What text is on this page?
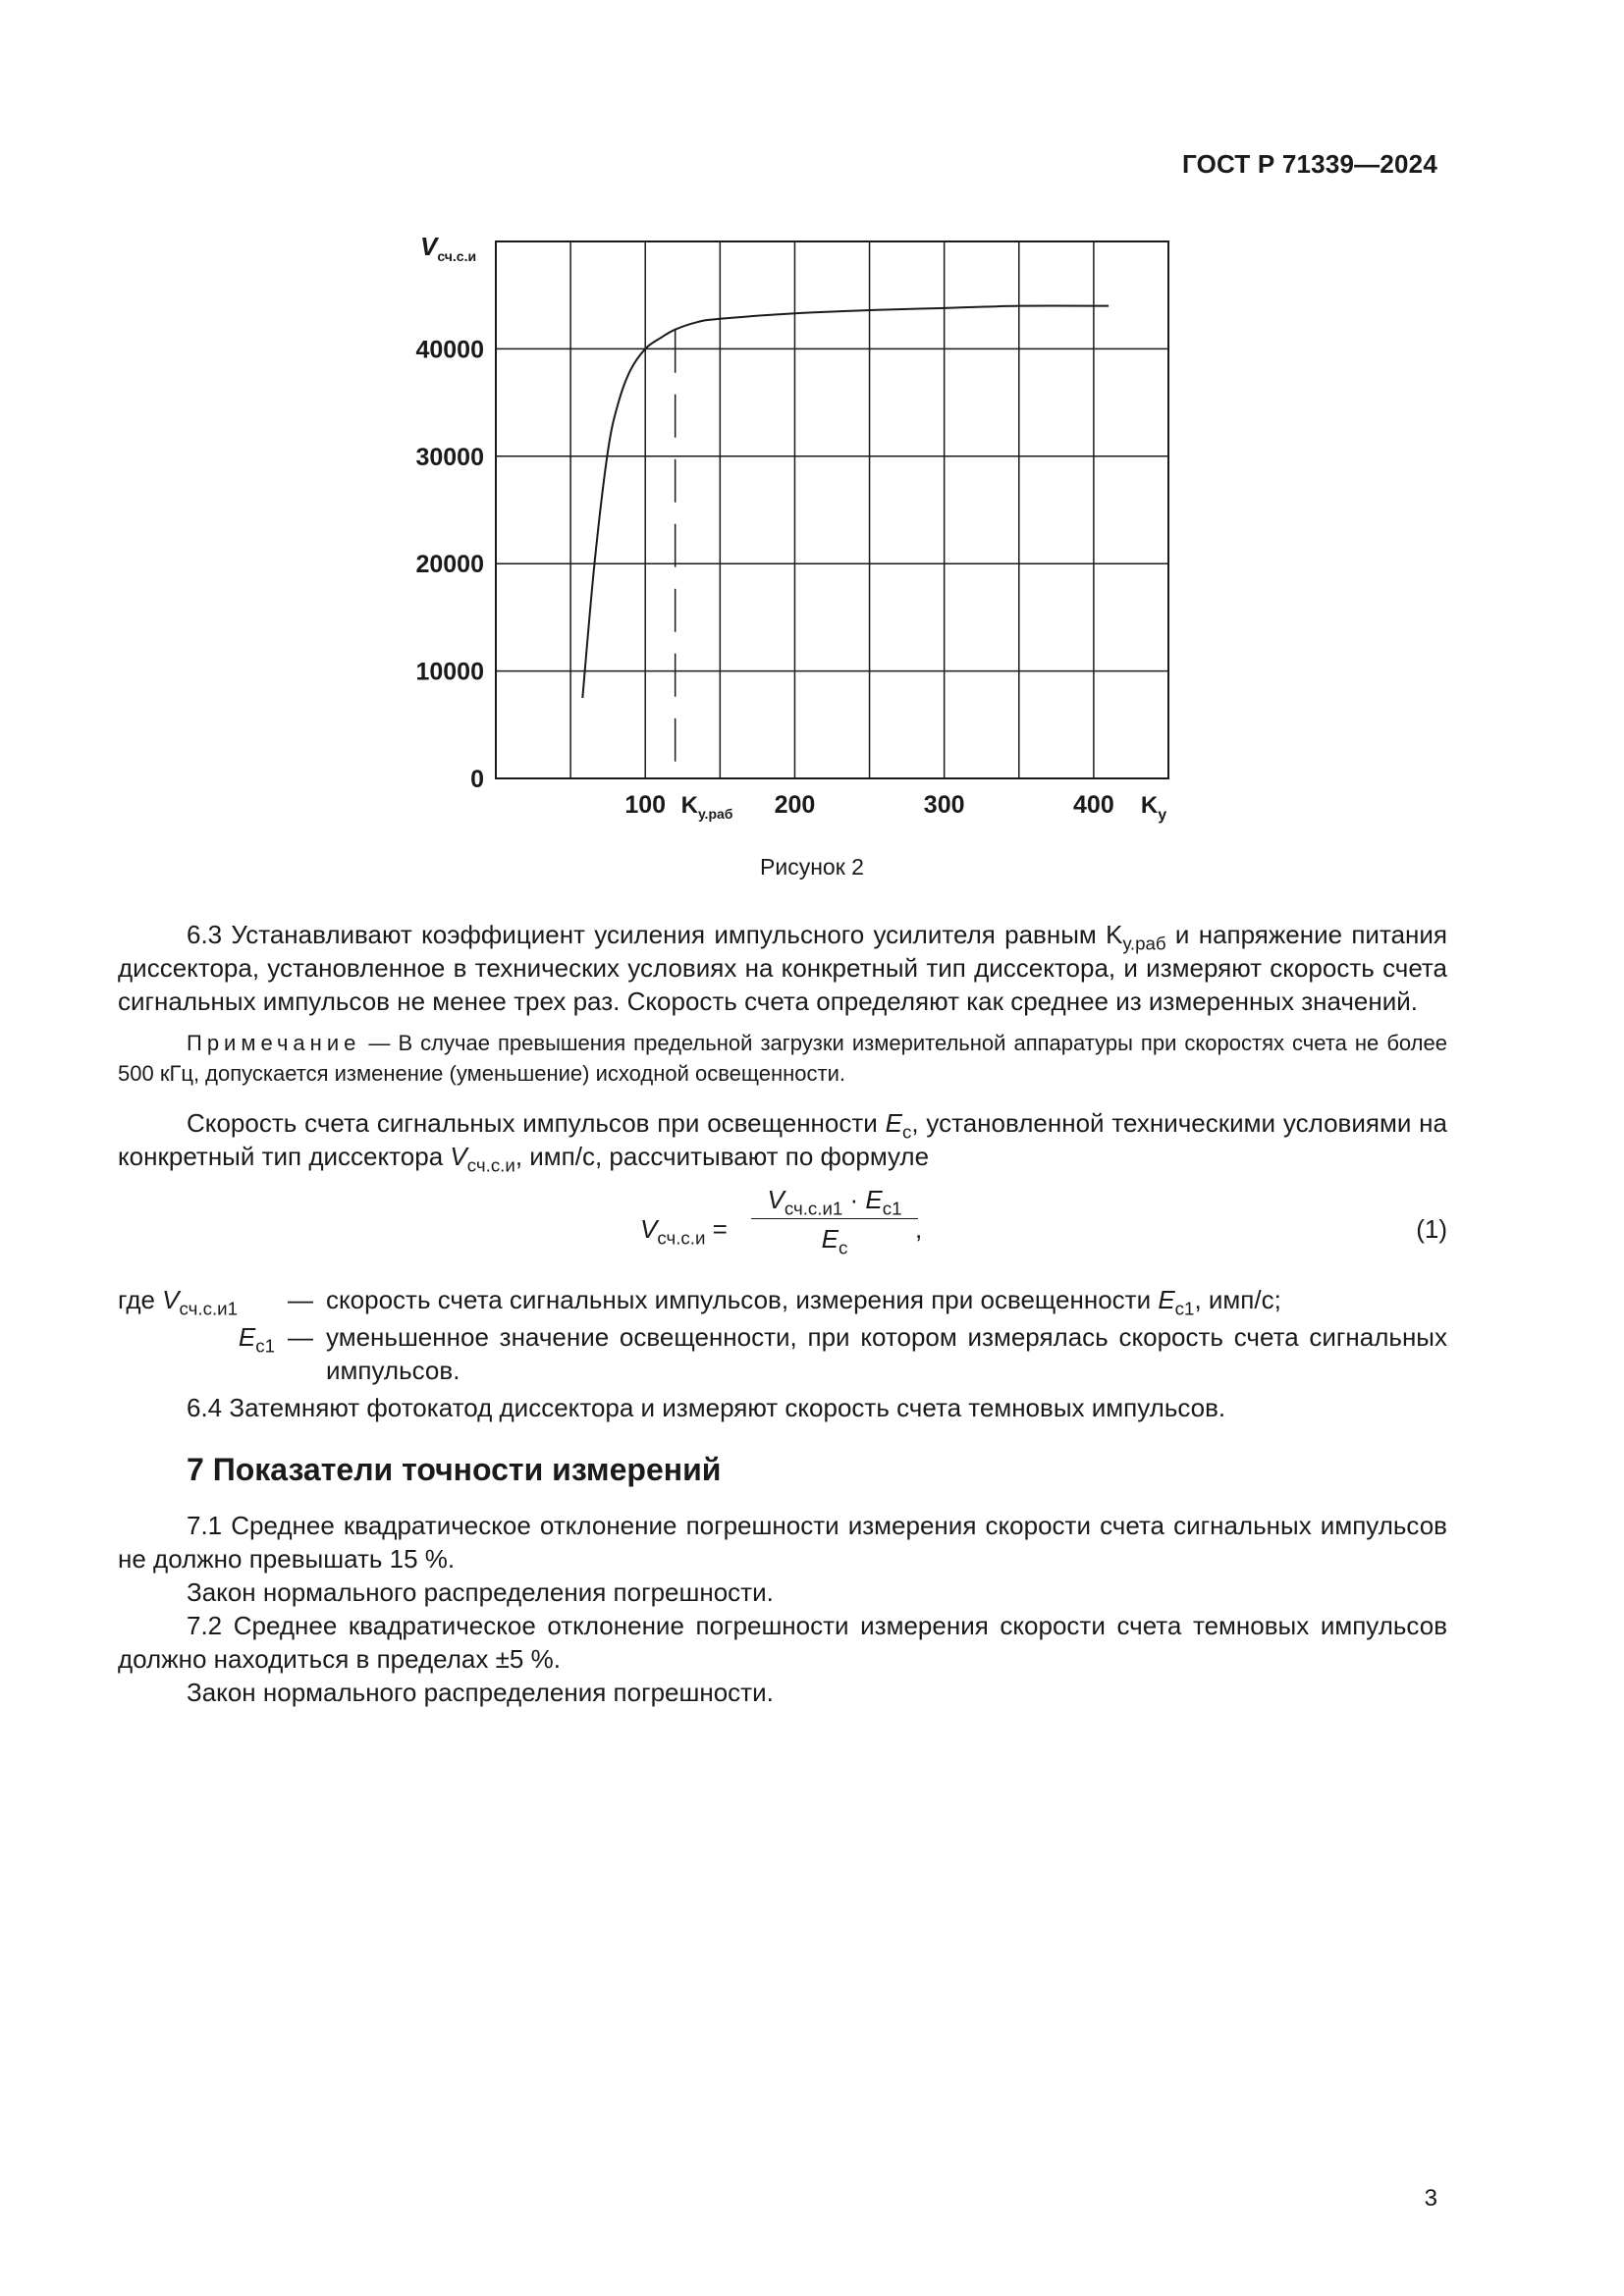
ГОСТ Р 71339—2024
0
10000
20000
30000
40000
100	200	300	400
$V_{сч.с.и}$
$K_у$
$K_{у.раб}$
Рисунок 2

6.3 Устанавливают коэффициент усиления импульсного усилителя равным $K_{у.раб}$ и напряжение питания диссектора, установленное в технических условиях на конкретный тип диссектора, и измеряют скорость счета сигнальных импульсов не менее трех раз. Скорость счета определяют как среднее из измеренных значений.

Примечание — В случае превышения предельной загрузки измерительной аппаратуры при скоростях счета не более 500 кГц, допускается изменение (уменьшение) исходной освещенности.

Скорость счета сигнальных импульсов при освещенности $E_c$, установленной техническими условиями на конкретный тип диссектора $V_{сч.с.и}$, имп/с, рассчитывают по формуле

$V_{сч.с.и}$ =
$V_{сч.с.и1} \cdot E_{c1}$
$E_c$
,	(1)
где $V_{сч.с.и1}$	— скорость счета сигнальных импульсов, измерения при освещенности $E_{c1}$, имп/с;
$E_{c1}$ — уменьшенное значение освещенности, при котором измерялась скорость счета сигнальных импульсов.

6.4 Затемняют фотокатод диссектора и измеряют скорость счета темновых импульсов.

7 Показатели точности измерений

7.1 Среднее квадратическое отклонение погрешности измерения скорости счета сигнальных импульсов не должно превышать 15 %.

Закон нормального распределения погрешности.

7.2 Среднее квадратическое отклонение погрешности измерения скорости счета темновых импульсов должно находиться в пределах ±5 %.

Закон нормального распределения погрешности.

3
